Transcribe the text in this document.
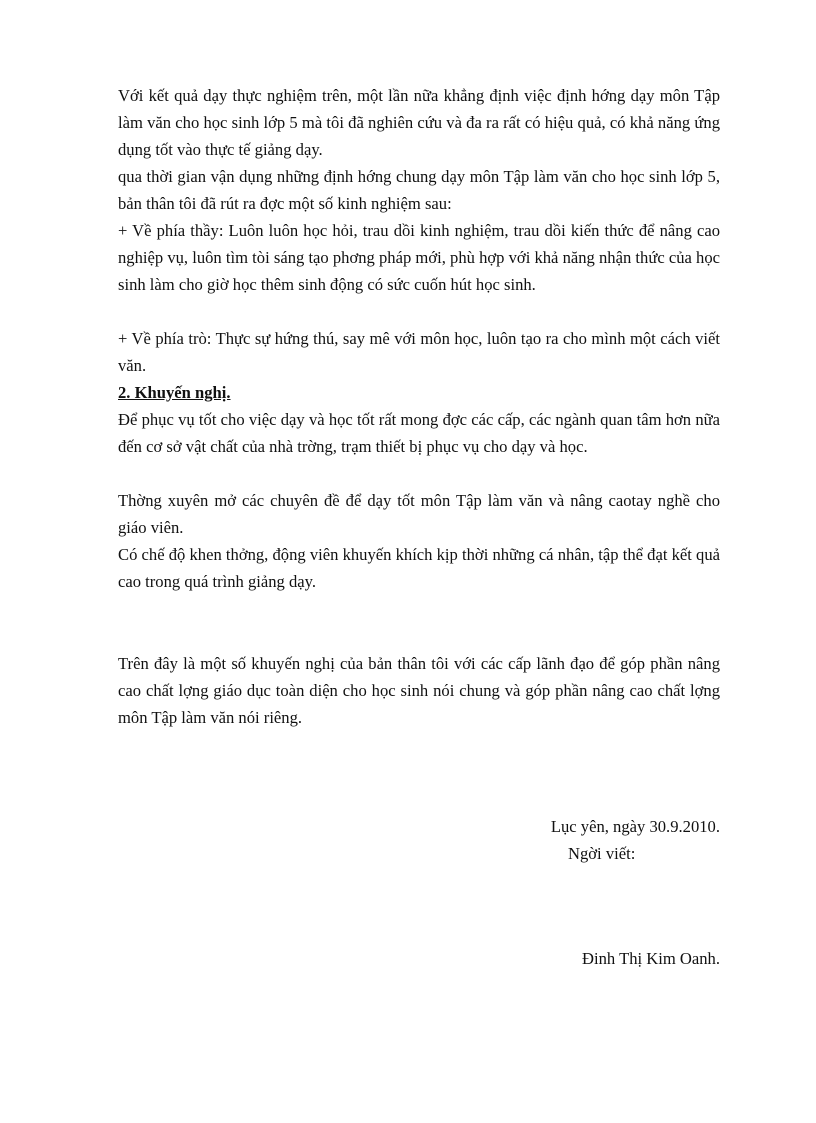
Với kết quả dạy thực nghiệm trên, một lần nữa khẳng định việc định hớng dạy môn Tập làm văn cho học sinh lớp 5 mà tôi đã nghiên cứu và đa ra rất có hiệu quả, có khả năng ứng dụng tốt vào thực tế giảng dạy.

qua thời gian vận dụng những định hớng chung dạy môn Tập làm văn cho học sinh lớp 5, bản thân tôi đã rút ra đợc một số kinh nghiệm sau:

+ Về phía thầy: Luôn luôn học hỏi, trau dồi kinh nghiệm, trau dồi kiến thức để nâng cao nghiệp vụ, luôn tìm tòi sáng tạo phơng pháp mới, phù hợp với khả năng nhận thức của học sinh làm cho giờ học thêm sinh động có sức cuốn hút học sinh.

+ Về phía trò: Thực sự hứng thú, say mê với môn học, luôn tạo ra cho mình một cách viết văn.

2. Khuyến nghị.

Để phục vụ tốt cho việc dạy và học tốt rất mong đợc các cấp, các ngành quan tâm hơn nữa đến cơ sở vật chất của nhà trờng, trạm thiết bị phục vụ cho dạy và học.

Thờng xuyên mở các chuyên đề để dạy tốt môn Tập làm văn và nâng caotay nghề cho giáo viên.

Có chế độ khen thởng, động viên khuyến khích kịp thời những cá nhân, tập thể đạt kết quả cao trong quá trình giảng dạy.

Trên đây là một số khuyến nghị của bản thân tôi với các cấp lãnh đạo để góp phần nâng cao chất lợng giáo dục toàn diện cho học sinh nói chung và góp phần nâng cao chất lợng môn Tập làm văn nói riêng.

Lục yên, ngày 30.9.2010.

Ngời viết:

Đinh Thị Kim Oanh.
